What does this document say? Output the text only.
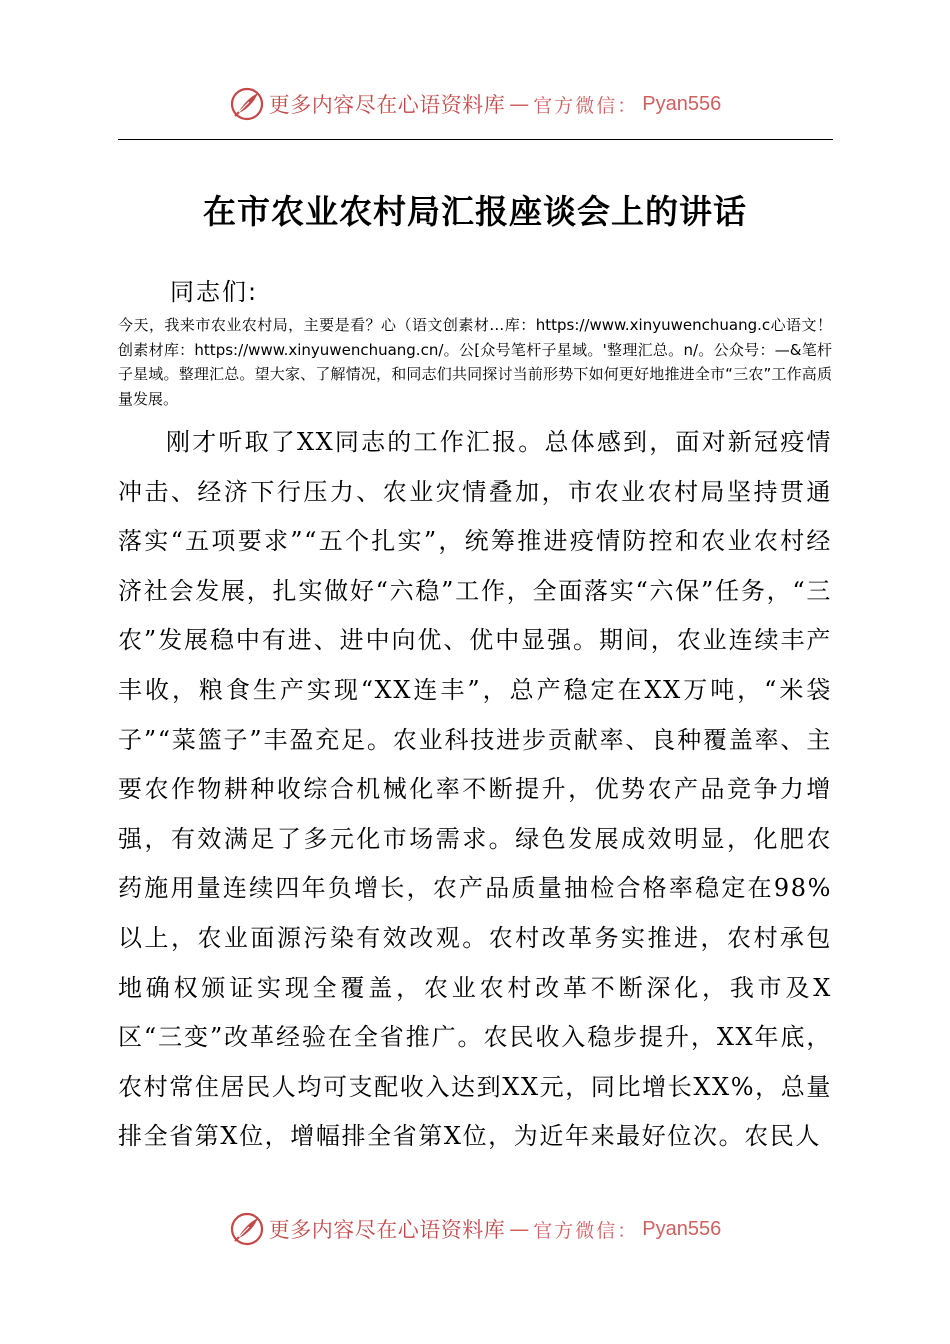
更多内容尽在心语资料库 — 官方微信： Pyan556
在市农业农村局汇报座谈会上的讲话
同志们:

今天，我来市农业农村局，主要是看？心（语文创素材…库：https://www.xinyuwenchuang.c心语文！创素材库：https://www.xinyuwenchuang.cn/。公[众号笔杆子星域。'整理汇总。n/。公众号：—&笔杆子星域。整理汇总。望大家、了解情况，和同志们共同探讨当前形势下如何更好地推进全市“三农”工作高质量发展。

刚才听取了XX同志的工作汇报。总体感到，面对新冠疫情冲击、经济下行压力、农业灾情叠加，市农业农村局坚持贯通落实“五项要求”“五个扎实”，统筹推进疫情防控和农业农村经济社会发展，扎实做好“六稳”工作，全面落实“六保”任务，“三农”发展稳中有进、进中向优、优中显强。期间，农业连续丰产丰收，粮食生产实现“XX连丰”，总产稳定在XX万吨，“米袋子”“菜篮子”丰盈充足。农业科技进步贡献率、良种覆盖率、主要农作物耕种收综合机械化率不断提升，优势农产品竞争力增强，有效满足了多元化市场需求。绿色发展成效明显，化肥农药施用量连续四年负增长，农产品质量抽检合格率稳定在98%以上，农业面源污染有效改观。农村改革务实推进，农村承包地确权颁证实现全覆盖，农业农村改革不断深化，我市及X区“三变”改革经验在全省推广。农民收入稳步提升，XX年底，农村常住居民人均可支配收入达到XX元，同比增长XX%，总量排全省第X位，增幅排全省第X位，为近年来最好位次。农民人

更多内容尽在心语资料库 — 官方微信： Pyan556
